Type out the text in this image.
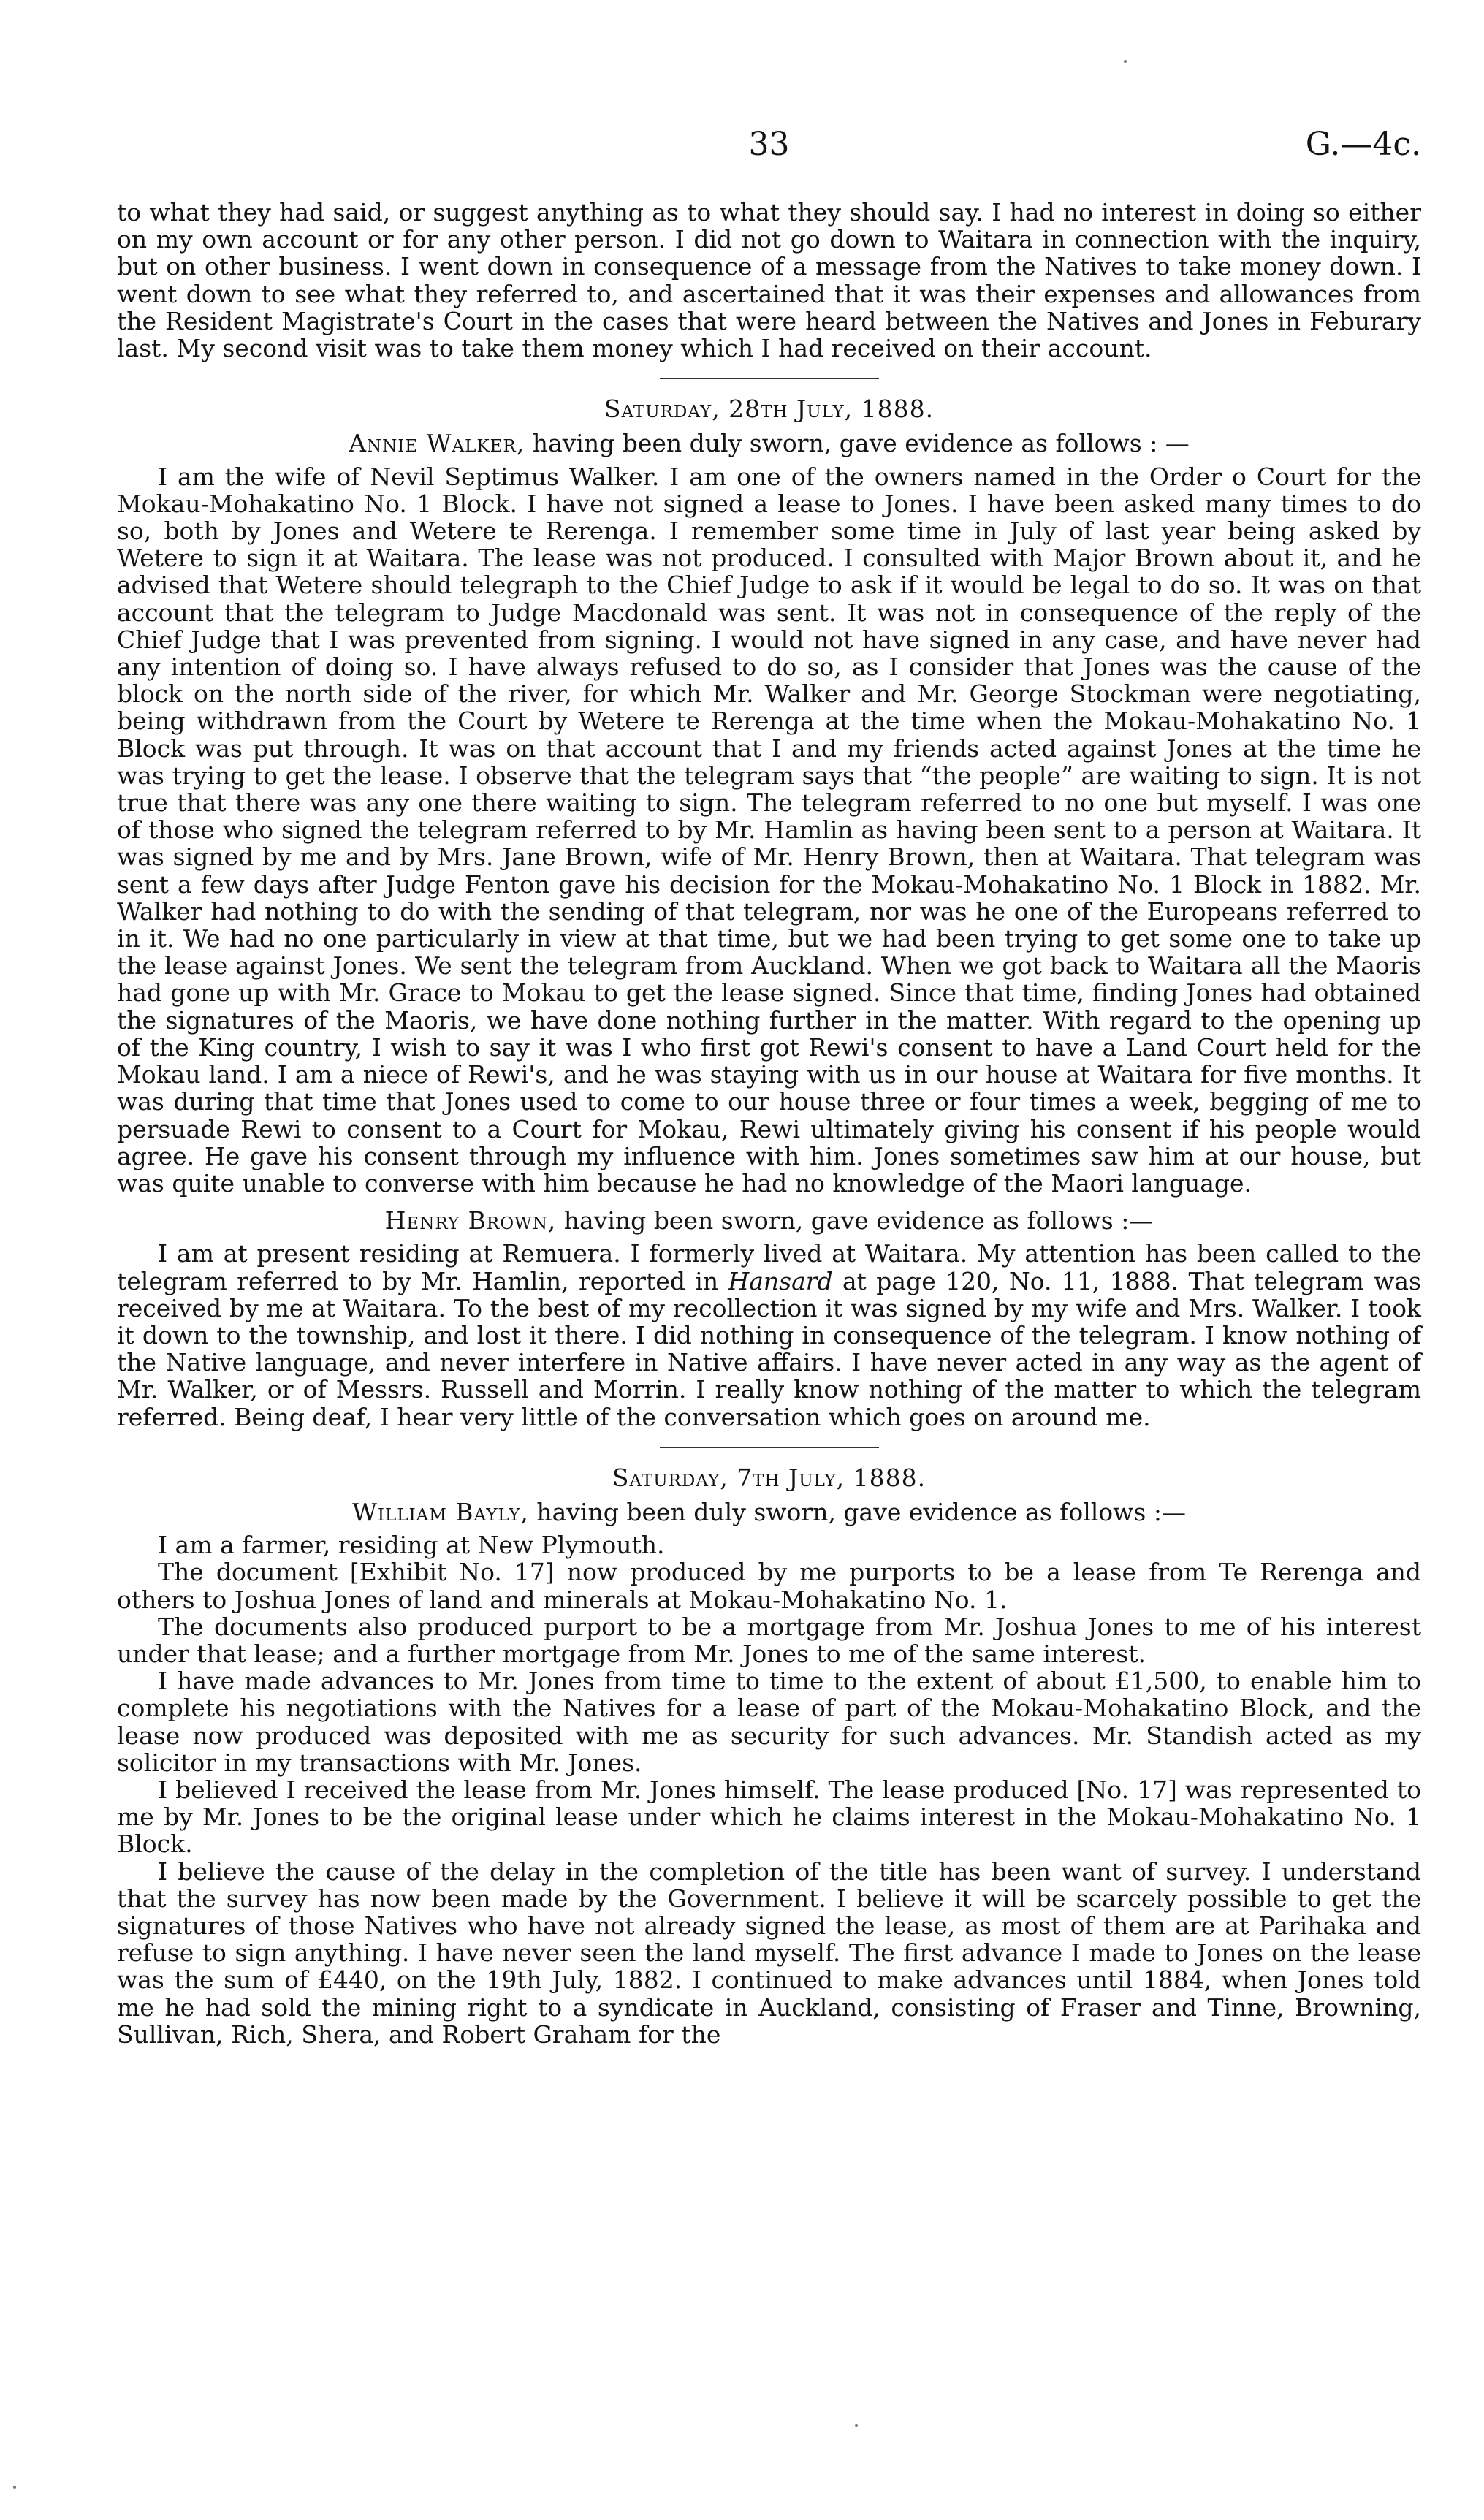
33	G.—4c.

to what they had said, or suggest anything as to what they should say. I had no interest in doing so either on my own account or for any other person. I did not go down to Waitara in connection with the inquiry, but on other business. I went down in consequence of a message from the Natives to take money down. I went down to see what they referred to, and ascertained that it was their expenses and allowances from the Resident Magistrate's Court in the cases that were heard between the Natives and Jones in Feburary last. My second visit was to take them money which I had received on their account.

Saturday, 28th July, 1888.

Annie Walker, having been duly sworn, gave evidence as follows : —

I am the wife of Nevil Septimus Walker. I am one of the owners named in the Order o Court for the Mokau-Mohakatino No. 1 Block. I have not signed a lease to Jones. I have been asked many times to do so, both by Jones and Wetere te Rerenga. I remember some time in July of last year being asked by Wetere to sign it at Waitara. The lease was not produced. I consulted with Major Brown about it, and he advised that Wetere should telegraph to the Chief Judge to ask if it would be legal to do so. It was on that account that the telegram to Judge Macdonald was sent. It was not in consequence of the reply of the Chief Judge that I was prevented from signing. I would not have signed in any case, and have never had any intention of doing so. I have always refused to do so, as I consider that Jones was the cause of the block on the north side of the river, for which Mr. Walker and Mr. George Stockman were negotiating, being withdrawn from the Court by Wetere te Rerenga at the time when the Mokau-Mohakatino No. 1 Block was put through. It was on that account that I and my friends acted against Jones at the time he was trying to get the lease. I observe that the telegram says that “the people” are waiting to sign. It is not true that there was any one there waiting to sign. The telegram referred to no one but myself. I was one of those who signed the telegram referred to by Mr. Hamlin as having been sent to a person at Waitara. It was signed by me and by Mrs. Jane Brown, wife of Mr. Henry Brown, then at Waitara. That telegram was sent a few days after Judge Fenton gave his decision for the Mokau-Mohakatino No. 1 Block in 1882. Mr. Walker had nothing to do with the sending of that telegram, nor was he one of the Europeans referred to in it. We had no one particularly in view at that time, but we had been trying to get some one to take up the lease against Jones. We sent the telegram from Auckland. When we got back to Waitara all the Maoris had gone up with Mr. Grace to Mokau to get the lease signed. Since that time, finding Jones had obtained the signatures of the Maoris, we have done nothing further in the matter. With regard to the opening up of the King country, I wish to say it was I who first got Rewi's consent to have a Land Court held for the Mokau land. I am a niece of Rewi's, and he was staying with us in our house at Waitara for five months. It was during that time that Jones used to come to our house three or four times a week, begging of me to persuade Rewi to consent to a Court for Mokau, Rewi ultimately giving his consent if his people would agree. He gave his consent through my influence with him. Jones sometimes saw him at our house, but was quite unable to converse with him because he had no knowledge of the Maori language.

Henry Brown, having been sworn, gave evidence as follows :—

I am at present residing at Remuera. I formerly lived at Waitara. My attention has been called to the telegram referred to by Mr. Hamlin, reported in Hansard at page 120, No. 11, 1888. That telegram was received by me at Waitara. To the best of my recollection it was signed by my wife and Mrs. Walker. I took it down to the township, and lost it there. I did nothing in consequence of the telegram. I know nothing of the Native language, and never interfere in Native affairs. I have never acted in any way as the agent of Mr. Walker, or of Messrs. Russell and Morrin. I really know nothing of the matter to which the telegram referred. Being deaf, I hear very little of the conversation which goes on around me.

Saturday, 7th July, 1888.

William Bayly, having been duly sworn, gave evidence as follows :—

I am a farmer, residing at New Plymouth.

The document [Exhibit No. 17] now produced by me purports to be a lease from Te Rerenga and others to Joshua Jones of land and minerals at Mokau-Mohakatino No. 1.

The documents also produced purport to be a mortgage from Mr. Joshua Jones to me of his interest under that lease; and a further mortgage from Mr. Jones to me of the same interest.

I have made advances to Mr. Jones from time to time to the extent of about £1,500, to enable him to complete his negotiations with the Natives for a lease of part of the Mokau-Mohakatino Block, and the lease now produced was deposited with me as security for such advances. Mr. Standish acted as my solicitor in my transactions with Mr. Jones.

I believed I received the lease from Mr. Jones himself. The lease produced [No. 17] was represented to me by Mr. Jones to be the original lease under which he claims interest in the Mokau-Mohakatino No. 1 Block.

I believe the cause of the delay in the completion of the title has been want of survey. I understand that the survey has now been made by the Government. I believe it will be scarcely possible to get the signatures of those Natives who have not already signed the lease, as most of them are at Parihaka and refuse to sign anything. I have never seen the land myself. The first advance I made to Jones on the lease was the sum of £440, on the 19th July, 1882. I continued to make advances until 1884, when Jones told me he had sold the mining right to a syndicate in Auckland, consisting of Fraser and Tinne, Browning, Sullivan, Rich, Shera, and Robert Graham for the
